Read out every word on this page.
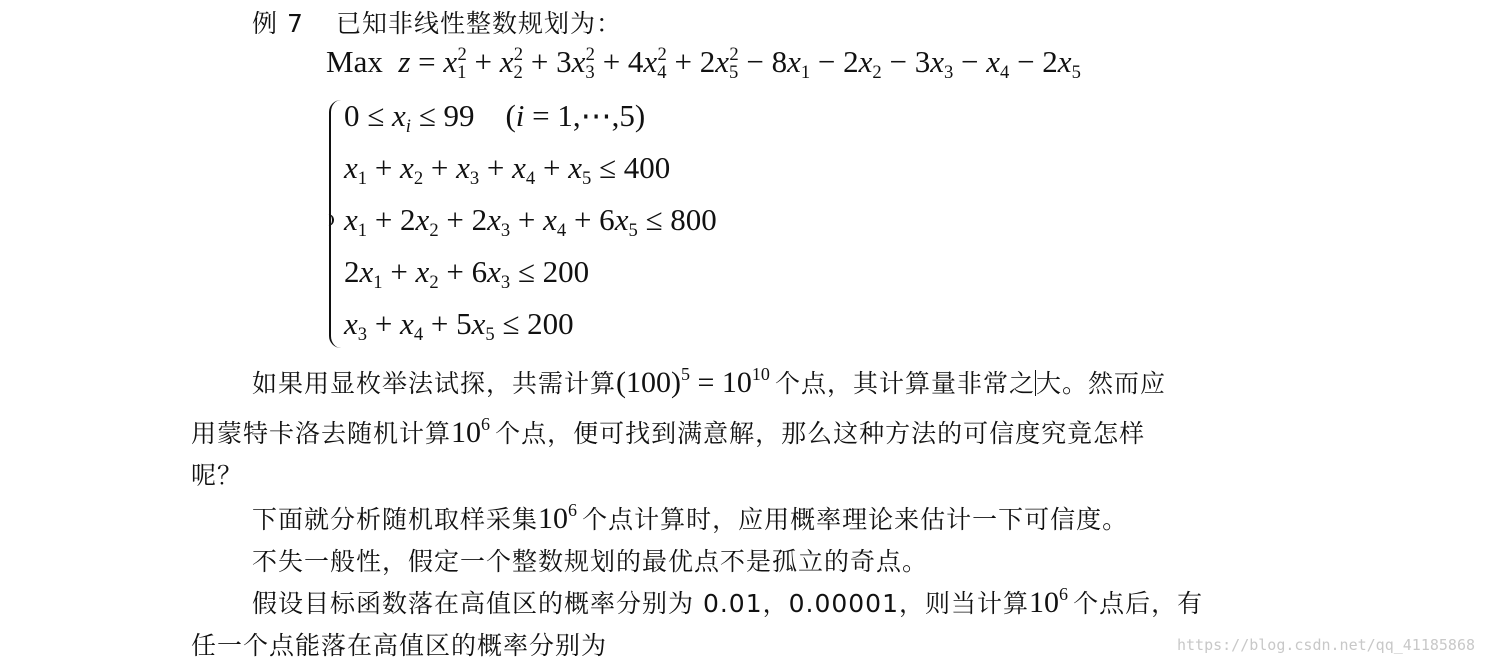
例 7 已知非线性整数规划为：
Max  $z = x_1^2 + x_2^2 + 3x_3^2 + 4x_4^2 + 2x_5^2 - 8x_1 - 2x_2 - 3x_3 - x_4 - 2x_5$
$0 \le x_i \le 99$    (i = 1,⋯,5)
$x_1 + x_2 + x_3 + x_4 + x_5 \le 400$
$x_1 + 2x_2 + 2x_3 + x_4 + 6x_5 \le 800$
$2x_1 + x_2 + 6x_3 \le 200$
$x_3 + x_4 + 5x_5 \le 200$
如果用显枚举法试探，共需计算$(100)^5 = 10^{10}$ 个点，其计算量非常之大。然而应
用蒙特卡洛去随机计算$10^6$ 个点，便可找到满意解，那么这种方法的可信度究竟怎样
呢？
下面就分析随机取样采集$10^6$ 个点计算时，应用概率理论来估计一下可信度。
不失一般性，假定一个整数规划的最优点不是孤立的奇点。
假设目标函数落在高值区的概率分别为 0.01，0.00001，则当计算$10^6$ 个点后，有
任一个点能落在高值区的概率分别为	https://blog.csdn.net/qq_41185868
